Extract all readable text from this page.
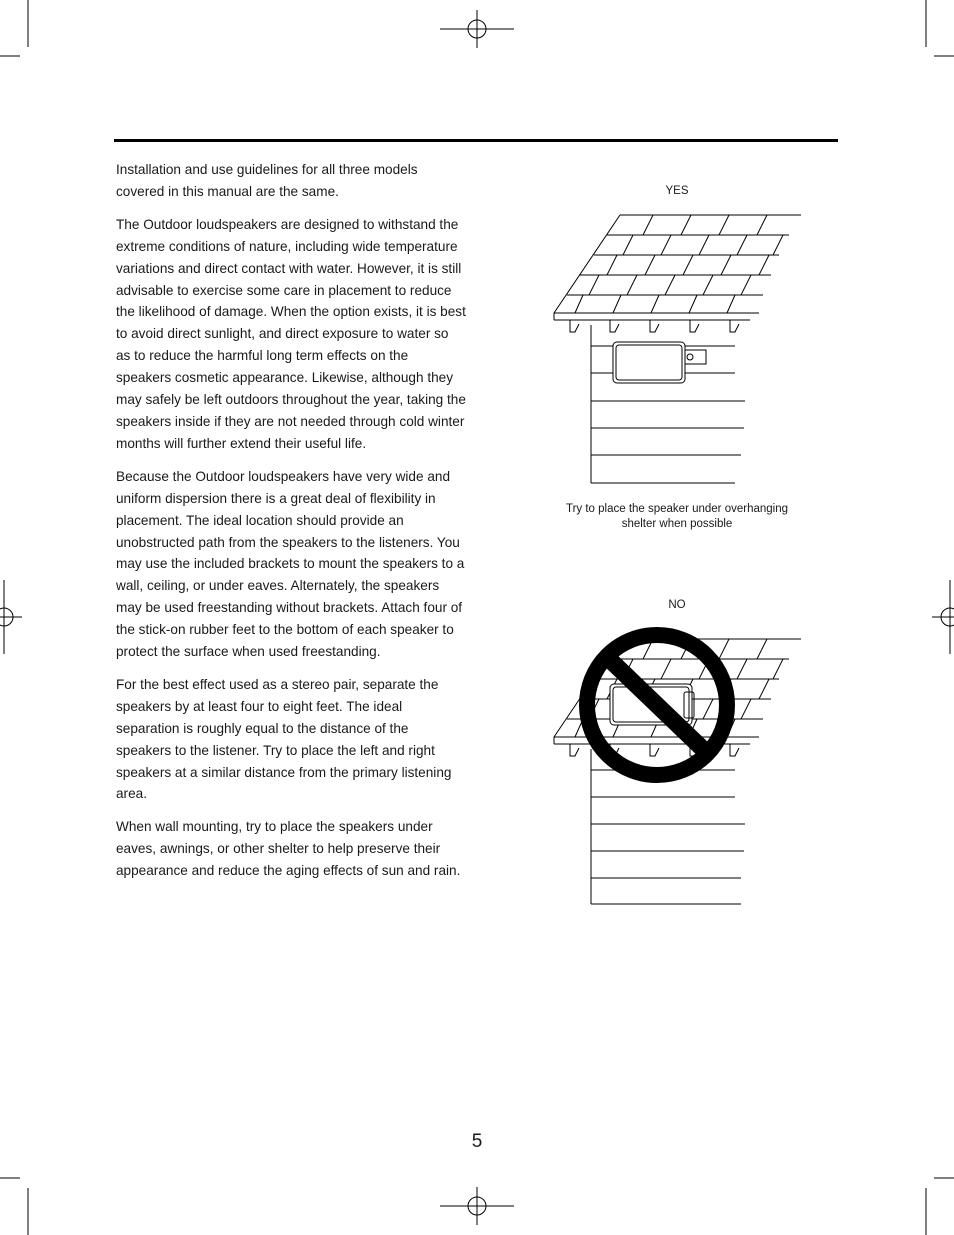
Installation and use guidelines for all three models covered in this manual are the same.

The Outdoor loudspeakers are designed to withstand the extreme conditions of nature, including wide temperature variations and direct contact with water. However, it is still advisable to exercise some care in placement to reduce the likelihood of damage. When the option exists, it is best to avoid direct sunlight, and direct exposure to water so as to reduce the harmful long term effects on the speakers cosmetic appearance. Likewise, although they may safely be left outdoors throughout the year, taking the speakers inside if they are not needed through cold winter months will further extend their useful life.

Because the Outdoor loudspeakers have very wide and uniform dispersion there is a great deal of flexibility in placement. The ideal location should provide an unobstructed path from the speakers to the listeners. You may use the included brackets to mount the speakers to a wall, ceiling, or under eaves. Alternately, the speakers may be used freestanding without brackets. Attach four of the stick-on rubber feet to the bottom of each speaker to protect the surface when used freestanding.

For the best effect used as a stereo pair, separate the speakers by at least four to eight feet. The ideal separation is roughly equal to the distance of the speakers to the listener. Try to place the left and right speakers at a similar distance from the primary listening area.

When wall mounting, try to place the speakers under eaves, awnings, or other shelter to help preserve their appearance and reduce the aging effects of sun and rain.

YES
Try to place the speaker under overhanging shelter when possible
NO
5
